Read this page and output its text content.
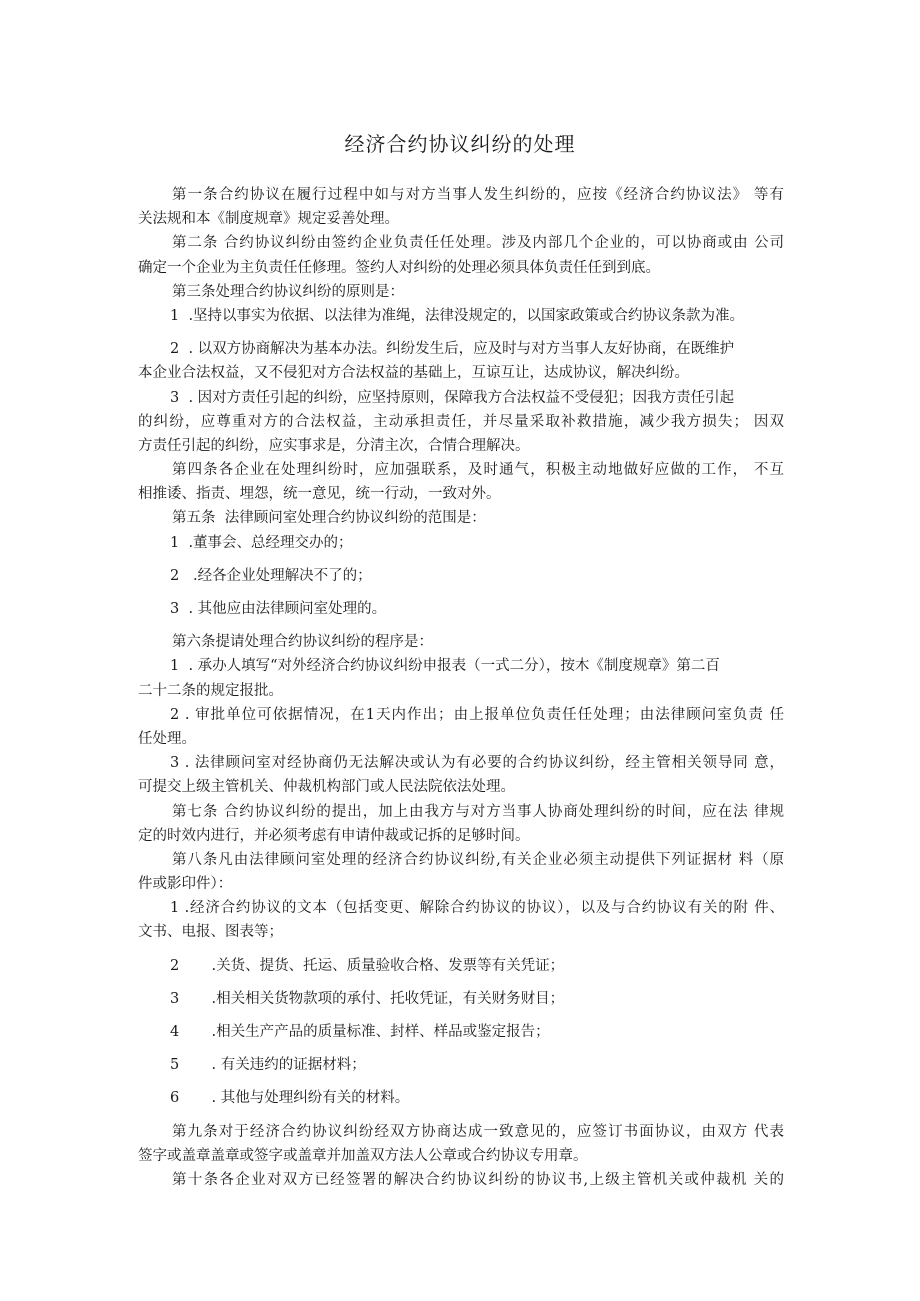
经济合约协议纠纷的处理
第一条合约协议在履行过程中如与对方当事人发生纠纷的，应按《经济合约协议法》 等有
关法规和本《制度规章》规定妥善处理。
第二条 合约协议纠纷由签约企业负责任任处理。涉及内部几个企业的，可以协商或由 公司
确定一个企业为主负责任任修理。签约人对纠纷的处理必须具体负责任任到到底。
第三条处理合约协议纠纷的原则是：
1  .坚持以事实为依据、以法律为准绳，法律没规定的，以国家政策或合约协议条款为准。
2  . 以双方协商解决为基本办法。纠纷发生后，应及时与对方当事人友好协商，在既维护
本企业合法权益，又不侵犯对方合法权益的基础上，互谅互让，达成协议，解决纠纷。
3  . 因对方责任引起的纠纷，应坚持原则，保障我方合法权益不受侵犯；因我方责任引起
的纠纷，应尊重对方的合法权益，主动承担责任，并尽量采取补救措施，减少我方损失； 因双
方责任引起的纠纷，应实事求是，分清主次，合情合理解决。
第四条各企业在处理纠纷时，应加强联系，及时通气，积极主动地做好应做的工作， 不互
相推诿、指责、埋怨，统一意见，统一行动，一致对外。
第五条  法律顾问室处理合约协议纠纷的范围是：
1  .董事会、总经理交办的；
2   .经各企业处理解决不了的；
3  . 其他应由法律顾问室处理的。
第六条提请处理合约协议纠纷的程序是：
1  . 承办人填写“对外经济合约协议纠纷申报表（一式二分），按木《制度规章》第二百
二十二条的规定报批。
2 . 审批单位可依据情况，在1天内作出；由上报单位负责任任处理；由法律顾问室负责 任
任处理。
3 . 法律顾问室对经协商仍无法解决或认为有必要的合约协议纠纷，经主管相关领导同 意，
可提交上级主管机关、仲裁机构部门或人民法院依法处理。
第七条 合约协议纠纷的提出，加上由我方与对方当事人协商处理纠纷的时间，应在法 律规
定的时效内进行，并必须考虑有申请仲裁或记拆的足够时间。
第八条凡由法律顾问室处理的经济合约协议纠纷,有关企业必须主动提供下列证据材 料（原
件或影印件）：
1 .经济合约协议的文本（包括变更、解除合约协议的协议），以及与合约协议有关的附 件、
文书、电报、图表等；
2       .关货、提货、托运、质量验收合格、发票等有关凭证；
3       .相关相关货物款项的承付、托收凭证，有关财务财目；
4       .相关生产产品的质量标准、封样、样品或鉴定报告；
5       . 有关违约的证据材料；
6       . 其他与处理纠纷有关的材料。
第九条对于经济合约协议纠纷经双方协商达成一致意见的，应签订书面协议，由双方 代表
签字或盖章盖章或签字或盖章并加盖双方法人公章或合约协议专用章。
第十条各企业对双方已经签署的解决合约协议纠纷的协议书,上级主管机关或仲裁机 关的
